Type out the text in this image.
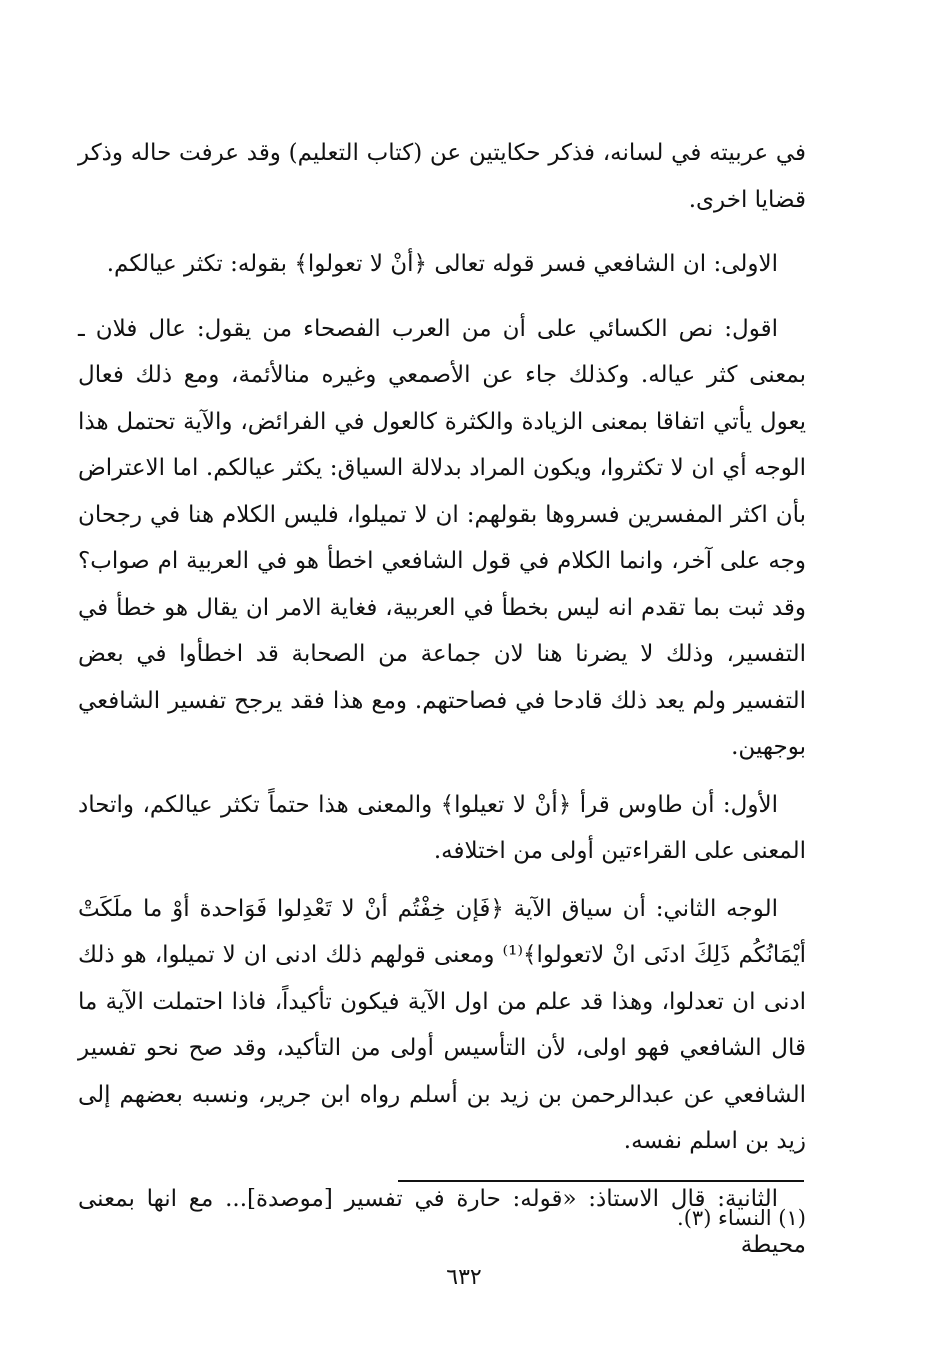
في عربيته في لسانه، فذكر حكايتين عن (كتاب التعليم) وقد عرفت حاله وذكر قضايا اخرى.

الاولى: ان الشافعي فسر قوله تعالى ﴿أنْ لا تعولوا﴾ بقوله: تكثر عيالكم.

اقول: نص الكسائي على أن من العرب الفصحاء من يقول: عال فلان ـ بمعنى كثر عياله. وكذلك جاء عن الأصمعي وغيره منالأئمة، ومع ذلك فعال يعول يأتي اتفاقا بمعنى الزيادة والكثرة كالعول في الفرائض، والآية تحتمل هذا الوجه أي ان لا تكثروا، ويكون المراد بدلالة السياق: يكثر عيالكم. اما الاعتراض بأن اكثر المفسرين فسروها بقولهم: ان لا تميلوا، فليس الكلام هنا في رجحان وجه على آخر، وانما الكلام في قول الشافعي اخطأ هو في العربية ام صواب؟ وقد ثبت بما تقدم انه ليس بخطأ في العربية، فغاية الامر ان يقال هو خطأ في التفسير، وذلك لا يضرنا هنا لان جماعة من الصحابة قد اخطأوا في بعض التفسير ولم يعد ذلك قادحا في فصاحتهم. ومع هذا فقد يرجح تفسير الشافعي بوجهين.

الأول: أن طاوس قرأ ﴿أنْ لا تعيلوا﴾ والمعنى هذا حتماً تكثر عيالكم، واتحاد المعنى على القراءتين أولى من اختلافه.

الوجه الثاني: أن سياق الآية ﴿فَإن خِفْتُم أنْ لا تَعْدِلوا فَوَاحدة أوْ ما ملَكَتْ أيْمَانُكُم ذَلِكَ ادنَى انْ لاتعولوا﴾⁽¹⁾ ومعنى قولهم ذلك ادنى ان لا تميلوا، هو ذلك ادنى ان تعدلوا، وهذا قد علم من اول الآية فيكون تأكيداً، فاذا احتملت الآية ما قال الشافعي فهو اولى، لأن التأسيس أولى من التأكيد، وقد صح نحو تفسير الشافعي عن عبدالرحمن بن زيد بن أسلم رواه ابن جرير، ونسبه بعضهم إلى زيد بن اسلم نفسه.

الثانية: قال الاستاذ: «قوله: حارة في تفسير [موصدة]... مع انها بمعنى محيطة

(١) النساء (٣).
٦٣٢
